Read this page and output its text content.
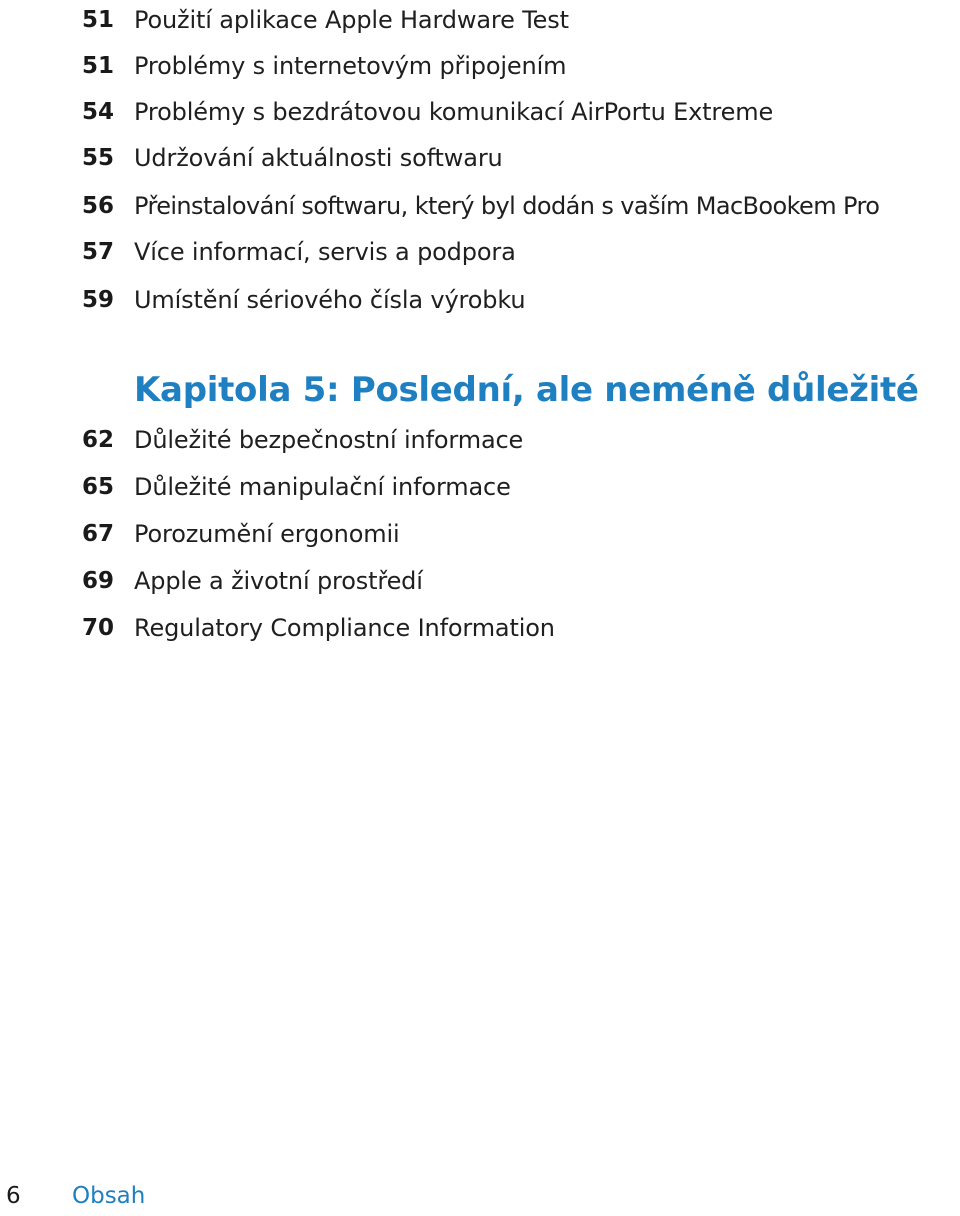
51 Použití aplikace Apple Hardware Test
51 Problémy s internetovým připojením
54 Problémy s bezdrátovou komunikací AirPortu Extreme
55 Udržování aktuálnosti softwaru
56 Přeinstalování softwaru, který byl dodán s vaším MacBookem Pro
57 Více informací, servis a podpora
59 Umístění sériového čísla výrobku
Kapitola 5: Poslední, ale neméně důležité
62 Důležité bezpečnostní informace
65 Důležité manipulační informace
67 Porozumění ergonomii
69 Apple a životní prostředí
70 Regulatory Compliance Information
6 Obsah
